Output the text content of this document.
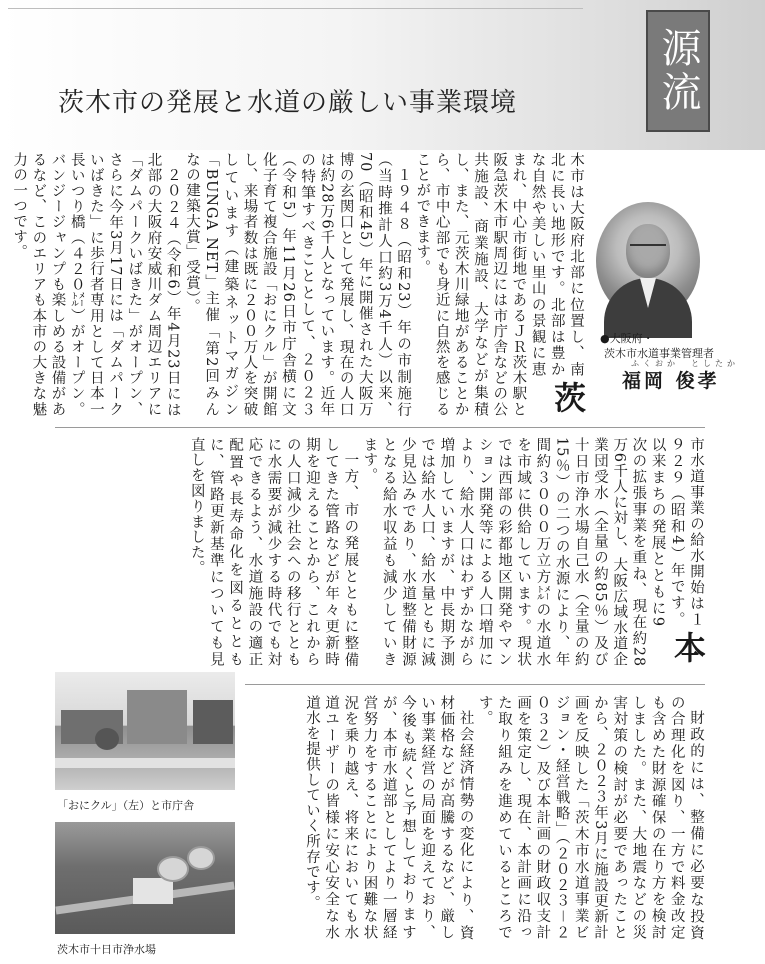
源流
茨木市の発展と水道の厳しい事業環境

茨
木市は大阪府北部に位置し、南北に長い地形です。北部は豊かな自然や美しい里山の景観に恵まれ、中心市街地であるＪＲ茨木駅と阪急茨木市駅周辺には市庁舎などの公共施設、商業施設、大学などが集積し、また、元茨木川緑地があることから、市中心部でも身近に自然を感じることができます。

１９４８（昭和23）年の市制施行（当時推計人口約3万4千人）以来、70（昭和45）年に開催された大阪万博の玄関口として発展し、現在の人口は約28万6千人となっています。近年の特筆すべきこととして、２０２３（令和5）年11月26日市庁舎横に文化子育て複合施設「おにクル」が開館し、来場者数は既に２００万人を突破しています（建築ネットマガジン「BUNGA NET」主催「第2回みんなの建築大賞」受賞）。

２０２４（令和6）年4月23日には北部の大阪府安威川ダム周辺エリアに「ダムパークいばきた」がオープン、さらに今年3月17日には「ダムパークいばきた」に歩行者専用として日本一長いつり橋（４２０㍍）がオープン。バンジージャンプも楽しめる設備があるなど、このエリアも本市の大きな魅力の一つです。

●大阪府・
茨木市水道事業管理者
ふくおか　としたか
福岡 俊孝

本
市水道事業の給水開始は１９２９（昭和4）年です。以来まちの発展とともに9次の拡張事業を重ね、現在約28万6千人に対し、大阪広域水道企業団受水（全量の約85％）及び十日市浄水場自己水（全量の約15％）の二つの水源により、年間約３０００万立方㍍の水道水を市域に供給しています。現状では西部の彩都地区開発やマンション開発等による人口増加により、給水人口はわずかながら増加していますが、中長期予測では給水人口、給水量ともに減少見込みであり、水道整備財源となる給水収益も減少していきます。

一方、市の発展とともに整備してきた管路などが年々更新時期を迎えることから、これからの人口減少社会への移行とともに水需要が減少する時代でも対応できるよう、水道施設の適正配置や長寿命化を図るとともに、管路更新基準についても見直しを図りました。

財政的には、整備に必要な投資の合理化を図り、一方で料金改定も含めた財源確保の在り方を検討しました。また、大地震などの災害対策の検討が必要であったことから、２０２３年3月に施設更新計画を反映した「茨木市水道事業ビジョン・経営戦略」（２０２３－２０３２）及び本計画の財政収支計画を策定し、現在、本計画に沿った取り組みを進めているところです。

社会経済情勢の変化により、資材価格などが高騰するなど、厳しい事業経営の局面を迎えており、今後も続くと予想しておりますが、本市水道部としてより一層経営努力をすることにより困難な状況を乗り越え、将来においても水道ユーザーの皆様に安心安全な水道水を提供していく所存です。

「おにクル」（左）と市庁舎
茨木市十日市浄水場
